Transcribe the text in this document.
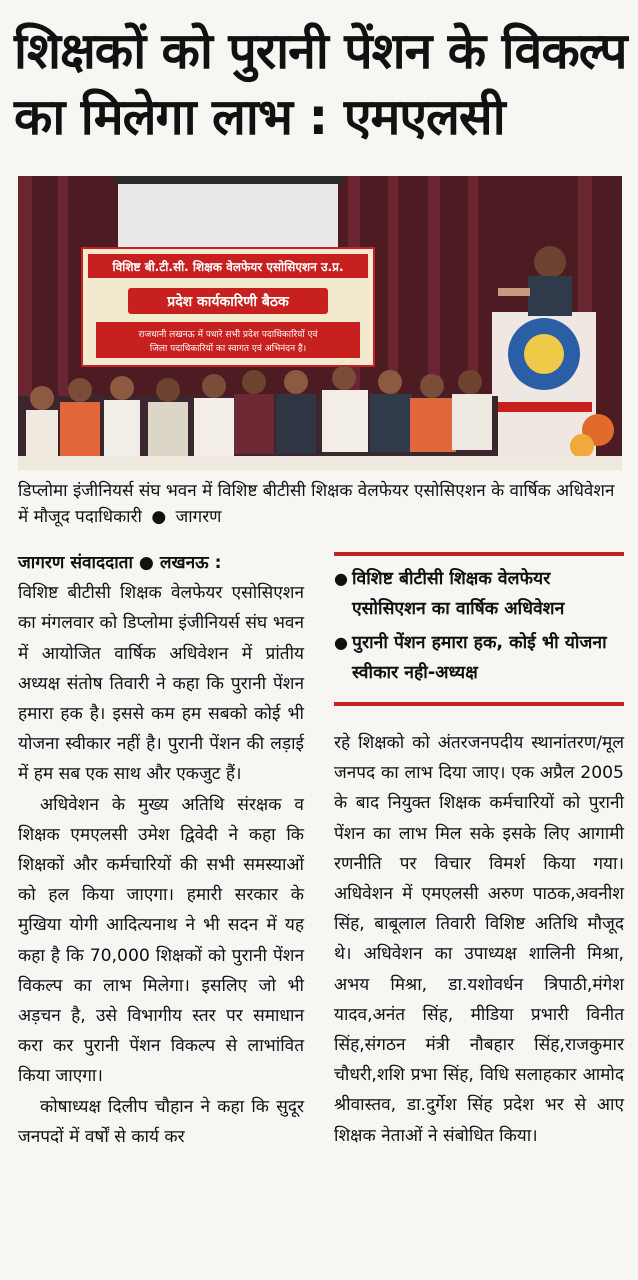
शिक्षकों को पुरानी पेंशन के विकल्प
का मिलेगा लाभ : एमएलसी
विशिष्ट बी.टी.सी. शिक्षक वेलफेयर एसोसिएशन उ.प्र.
प्रदेश कार्यकारिणी बैठक
राजधानी लखनऊ में पधारे सभी प्रदेश पदाधिकारियों एवं
जिला पदाधिकारियों का स्वागत एवं अभिनंदन है।
डिप्लोमा इंजीनियर्स संघ भवन में विशिष्ट बीटीसी शिक्षक वेलफेयर एसोसिएशन के वार्षिक अधिवेशन में मौजूद पदाधिकारी ● जागरण

जागरण संवाददाता ● लखनऊ :

विशिष्ट बीटीसी शिक्षक वेलफेयर एसोसिएशन का मंगलवार को डिप्लोमा इंजीनियर्स संघ भवन में आयोजित वार्षिक अधिवेशन में प्रांतीय अध्यक्ष संतोष तिवारी ने कहा कि पुरानी पेंशन हमारा हक है। इससे कम हम सबको कोई भी योजना स्वीकार नहीं है। पुरानी पेंशन की लड़ाई में हम सब एक साथ और एकजुट हैं।

अधिवेशन के मुख्य अतिथि संरक्षक व शिक्षक एमएलसी उमेश द्विवेदी ने कहा कि शिक्षकों और कर्मचारियों की सभी समस्याओं को हल किया जाएगा। हमारी सरकार के मुखिया योगी आदित्यनाथ ने भी सदन में यह कहा है कि 70,000 शिक्षकों को पुरानी पेंशन विकल्प का लाभ मिलेगा। इसलिए जो भी अड़चन है, उसे विभागीय स्तर पर समाधान करा कर पुरानी पेंशन विकल्प से लाभांवित किया जाएगा।

कोषाध्यक्ष दिलीप चौहान ने कहा कि सुदूर जनपदों में वर्षों से कार्य कर

● विशिष्ट बीटीसी शिक्षक वेलफेयर एसोसिएशन का वार्षिक अधिवेशन
● पुरानी पेंशन हमारा हक, कोई भी योजना स्वीकार नही-अध्यक्ष

रहे शिक्षको को अंतरजनपदीय स्थानांतरण/मूल जनपद का लाभ दिया जाए। एक अप्रैल 2005 के बाद नियुक्त शिक्षक कर्मचारियों को पुरानी पेंशन का लाभ मिल सके इसके लिए आगामी रणनीति पर विचार विमर्श किया गया। अधिवेशन में एमएलसी अरुण पाठक,अवनीश सिंह, बाबूलाल तिवारी विशिष्ट अतिथि मौजूद थे। अधिवेशन का उपाध्यक्ष शालिनी मिश्रा, अभय मिश्रा, डा.यशोवर्धन त्रिपाठी,मंगेश यादव,अनंत सिंह, मीडिया प्रभारी विनीत सिंह,संगठन मंत्री नौबहार सिंह,राजकुमार चौधरी,शशि प्रभा सिंह, विधि सलाहकार आमोद श्रीवास्तव, डा.दुर्गेश सिंह प्रदेश भर से आए शिक्षक नेताओं ने संबोधित किया।
